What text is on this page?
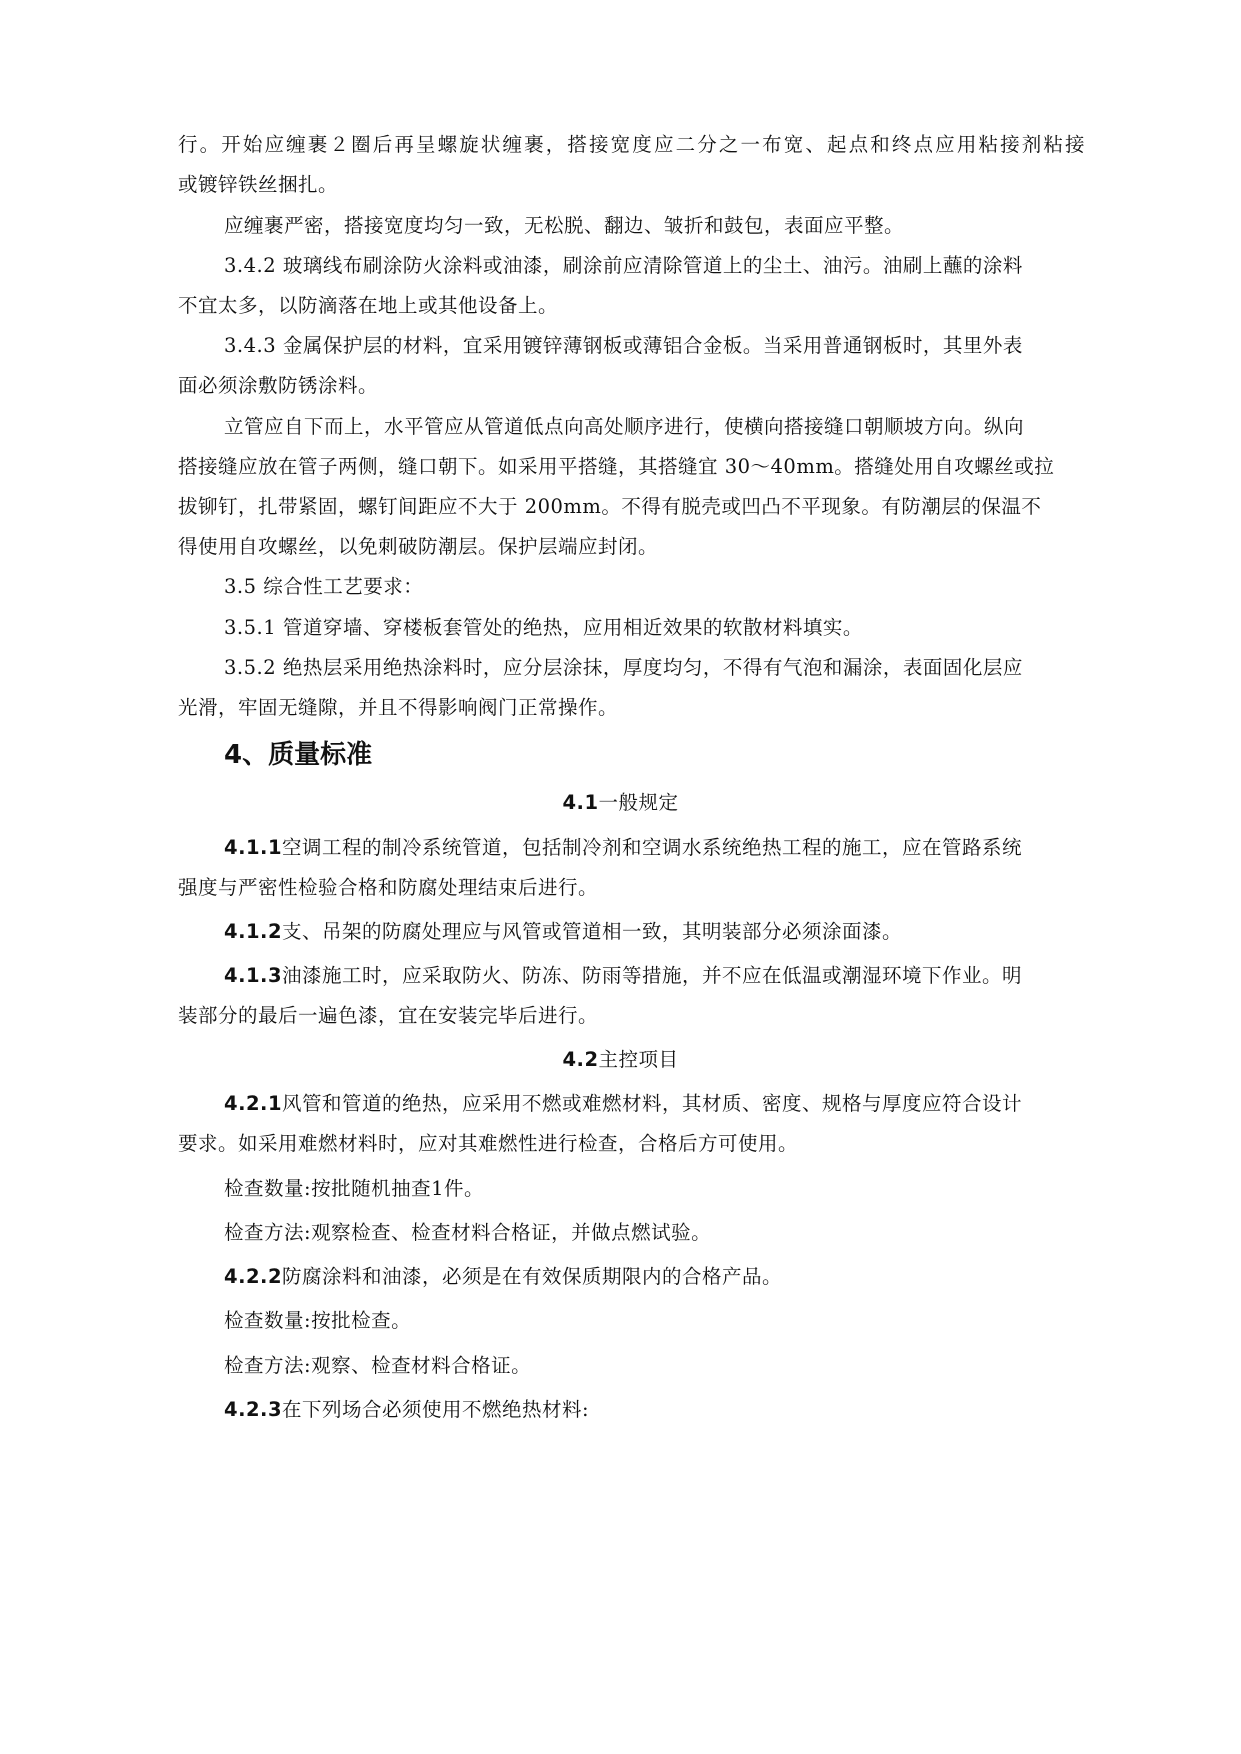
行。开始应缠裹２圈后再呈螺旋状缠裹，搭接宽度应二分之一布宽、起点和终点应用粘接剂粘接
或镀锌铁丝捆扎。
应缠裹严密，搭接宽度均匀一致，无松脱、翻边、皱折和鼓包，表面应平整。
3.4.2 玻璃线布刷涂防火涂料或油漆，刷涂前应清除管道上的尘土、油污。油刷上蘸的涂料
不宜太多，以防滴落在地上或其他设备上。
3.4.3 金属保护层的材料，宜采用镀锌薄钢板或薄铝合金板。当采用普通钢板时，其里外表
面必须涂敷防锈涂料。
立管应自下而上，水平管应从管道低点向高处顺序进行，使横向搭接缝口朝顺坡方向。纵向
搭接缝应放在管子两侧，缝口朝下。如采用平搭缝，其搭缝宜 30～40mm。搭缝处用自攻螺丝或拉
拔铆钉，扎带紧固，螺钉间距应不大于 200mm。不得有脱壳或凹凸不平现象。有防潮层的保温不
得使用自攻螺丝，以免刺破防潮层。保护层端应封闭。
3.5 综合性工艺要求：
3.5.1 管道穿墙、穿楼板套管处的绝热，应用相近效果的软散材料填实。
3.5.2 绝热层采用绝热涂料时，应分层涂抹，厚度均匀，不得有气泡和漏涂，表面固化层应
光滑，牢固无缝隙，并且不得影响阀门正常操作。
4、质量标准
4.1一般规定
4.1.1空调工程的制冷系统管道，包括制冷剂和空调水系统绝热工程的施工，应在管路系统
强度与严密性检验合格和防腐处理结束后进行。
4.1.2支、吊架的防腐处理应与风管或管道相一致，其明装部分必须涂面漆。
4.1.3油漆施工时，应采取防火、防冻、防雨等措施，并不应在低温或潮湿环境下作业。明
装部分的最后一遍色漆，宜在安装完毕后进行。
4.2主控项目
4.2.1风管和管道的绝热，应采用不燃或难燃材料，其材质、密度、规格与厚度应符合设计
要求。如采用难燃材料时，应对其难燃性进行检查，合格后方可使用。
检查数量:按批随机抽查1件。
检查方法:观察检查、检查材料合格证，并做点燃试验。
4.2.2防腐涂料和油漆，必须是在有效保质期限内的合格产品。
检查数量:按批检查。
检查方法:观察、检查材料合格证。
4.2.3在下列场合必须使用不燃绝热材料:
